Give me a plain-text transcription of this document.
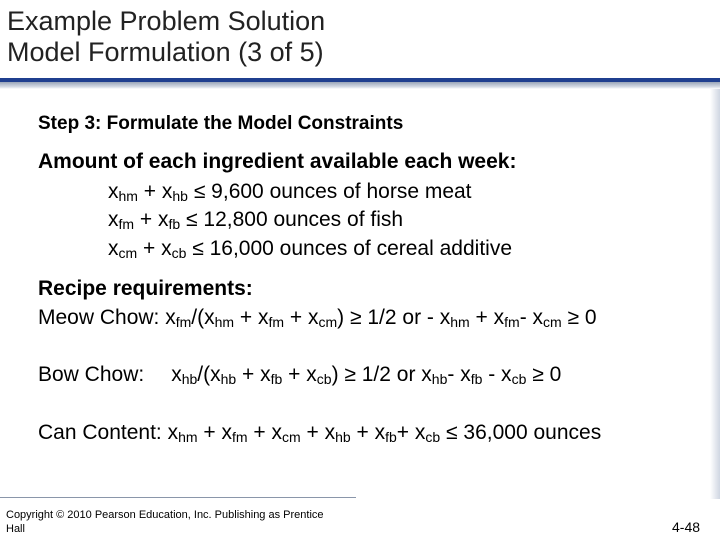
Example Problem Solution
Model Formulation (3 of 5)
Step 3: Formulate the Model Constraints
Amount of each ingredient available each week:
$x_{hm} + x_{hb} \le 9,600$ ounces of horse meat
$x_{fm} + x_{fb} \le 12,800$ ounces of fish
$x_{cm} + x_{cb} \le 16,000$ ounces of cereal additive
Recipe requirements:
Meow Chow: $x_{fm}/(x_{hm} + x_{fm} + x_{cm}) \ge 1/2$ or - $x_{hm} + x_{fm}-$ $x_{cm} \ge 0$
Bow Chow: $x_{hb}/(x_{hb} + x_{fb} + x_{cb}) \ge 1/2$ or $x_{hb}-$ $x_{fb} - x_{cb} \ge 0$
Can Content: $x_{hm} + x_{fm} + x_{cm} + x_{hb} + x_{fb}+ x_{cb} \le 36,000$ ounces
Copyright © 2010 Pearson Education, Inc. Publishing as Prentice
Hall	4-48
